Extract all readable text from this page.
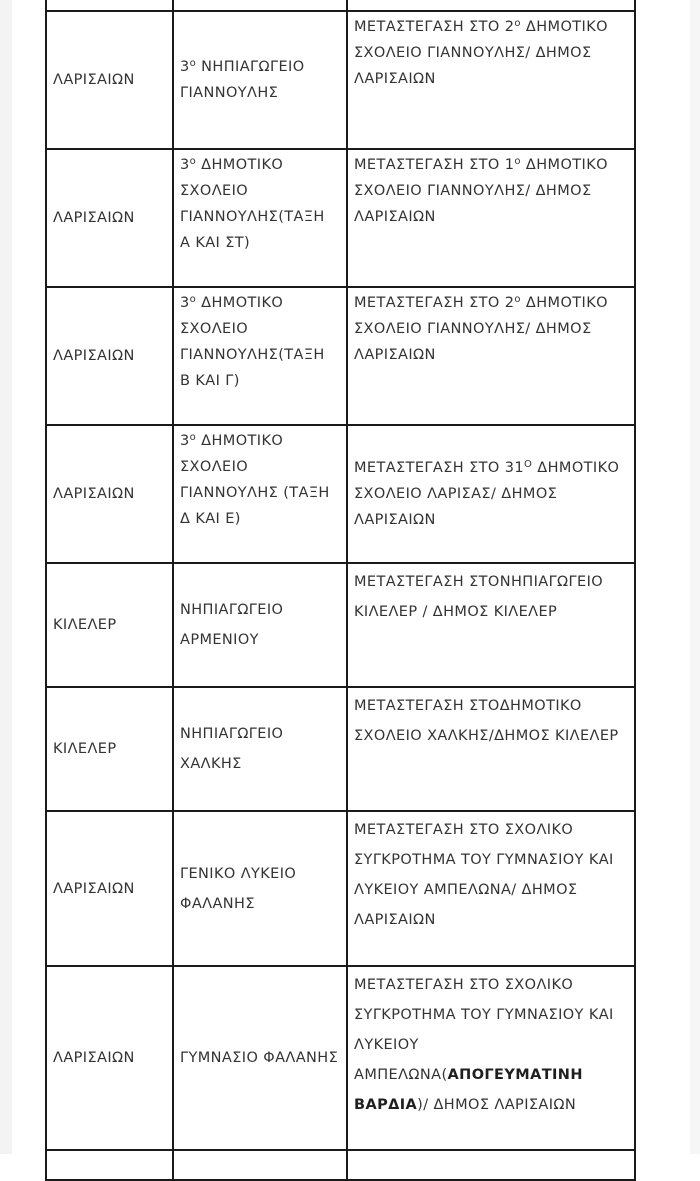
ΛΑΡΙΣΑΙΩΝ	$3^o$ ΝΗΠΙΑΓΩΓΕΙΟ ΓΙΑΝΝΟΥΛΗΣ	ΜΕΤΑΣΤΕΓΑΣΗ ΣΤΟ $2^o$ ΔΗΜΟΤΙΚΟ ΣΧΟΛΕΙΟ ΓΙΑΝΝΟΥΛΗΣ/ ΔΗΜΟΣ ΛΑΡΙΣΑΙΩΝ
ΛΑΡΙΣΑΙΩΝ	$3^o$ ΔΗΜΟΤΙΚΟ ΣΧΟΛΕΙΟ ΓΙΑΝΝΟΥΛΗΣ(ΤΑΞΗ Α ΚΑΙ ΣΤ)	ΜΕΤΑΣΤΕΓΑΣΗ ΣΤΟ $1^o$ ΔΗΜΟΤΙΚΟ ΣΧΟΛΕΙΟ ΓΙΑΝΝΟΥΛΗΣ/ ΔΗΜΟΣ ΛΑΡΙΣΑΙΩΝ
ΛΑΡΙΣΑΙΩΝ	$3^o$ ΔΗΜΟΤΙΚΟ ΣΧΟΛΕΙΟ ΓΙΑΝΝΟΥΛΗΣ(ΤΑΞΗ Β ΚΑΙ Γ)	ΜΕΤΑΣΤΕΓΑΣΗ ΣΤΟ $2^o$ ΔΗΜΟΤΙΚΟ ΣΧΟΛΕΙΟ ΓΙΑΝΝΟΥΛΗΣ/ ΔΗΜΟΣ ΛΑΡΙΣΑΙΩΝ
ΛΑΡΙΣΑΙΩΝ	$3^o$ ΔΗΜΟΤΙΚΟ ΣΧΟΛΕΙΟ ΓΙΑΝΝΟΥΛΗΣ (ΤΑΞΗ Δ ΚΑΙ Ε)	ΜΕΤΑΣΤΕΓΑΣΗ ΣΤΟ $31^O$ ΔΗΜΟΤΙΚΟ ΣΧΟΛΕΙΟ ΛΑΡΙΣΑΣ/ ΔΗΜΟΣ ΛΑΡΙΣΑΙΩΝ
ΚΙΛΕΛΕΡ	ΝΗΠΙΑΓΩΓΕΙΟ ΑΡΜΕΝΙΟΥ	ΜΕΤΑΣΤΕΓΑΣΗ ΣΤΟΝΗΠΙΑΓΩΓΕΙΟ ΚΙΛΕΛΕΡ / ΔΗΜΟΣ ΚΙΛΕΛΕΡ
ΚΙΛΕΛΕΡ	ΝΗΠΙΑΓΩΓΕΙΟ ΧΑΛΚΗΣ	ΜΕΤΑΣΤΕΓΑΣΗ ΣΤΟΔΗΜΟΤΙΚΟ ΣΧΟΛΕΙΟ ΧΑΛΚΗΣ/ΔΗΜΟΣ ΚΙΛΕΛΕΡ
ΛΑΡΙΣΑΙΩΝ	ΓΕΝΙΚΟ ΛΥΚΕΙΟ ΦΑΛΑΝΗΣ	ΜΕΤΑΣΤΕΓΑΣΗ ΣΤΟ ΣΧΟΛΙΚΟ ΣΥΓΚΡΟΤΗΜΑ ΤΟΥ ΓΥΜΝΑΣΙΟΥ ΚΑΙ ΛΥΚΕΙΟΥ ΑΜΠΕΛΩΝΑ/ ΔΗΜΟΣ ΛΑΡΙΣΑΙΩΝ
ΛΑΡΙΣΑΙΩΝ	ΓΥΜΝΑΣΙΟ ΦΑΛΑΝΗΣ	ΜΕΤΑΣΤΕΓΑΣΗ ΣΤΟ ΣΧΟΛΙΚΟ ΣΥΓΚΡΟΤΗΜΑ ΤΟΥ ΓΥΜΝΑΣΙΟΥ ΚΑΙ ΛΥΚΕΙΟΥ ΑΜΠΕΛΩΝΑ(ΑΠΟΓΕΥΜΑΤΙΝΗ ΒΑΡΔΙΑ)/ ΔΗΜΟΣ ΛΑΡΙΣΑΙΩΝ
